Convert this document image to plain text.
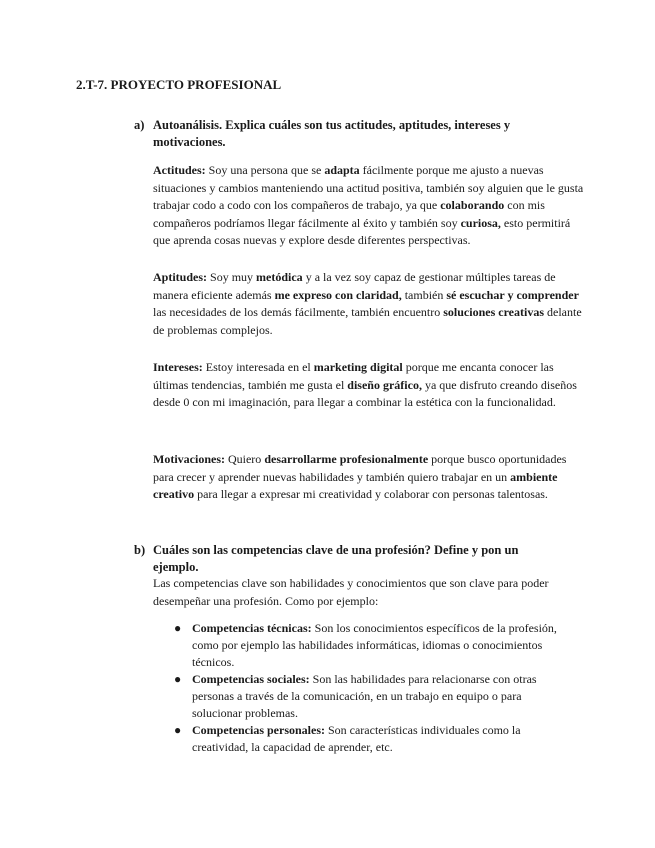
2.T-7. PROYECTO PROFESIONAL
a) Autoanálisis. Explica cuáles son tus actitudes, aptitudes, intereses y motivaciones.

Actitudes: Soy una persona que se adapta fácilmente porque me ajusto a nuevas situaciones y cambios manteniendo una actitud positiva, también soy alguien que le gusta trabajar codo a codo con los compañeros de trabajo, ya que colaborando con mis compañeros podríamos llegar fácilmente al éxito y también soy curiosa, esto permitirá que aprenda cosas nuevas y explore desde diferentes perspectivas.

Aptitudes: Soy muy metódica y a la vez soy capaz de gestionar múltiples tareas de manera eficiente además me expreso con claridad, también sé escuchar y comprender las necesidades de los demás fácilmente, también encuentro soluciones creativas delante de problemas complejos.

Intereses: Estoy interesada en el marketing digital porque me encanta conocer las últimas tendencias, también me gusta el diseño gráfico, ya que disfruto creando diseños desde 0 con mi imaginación, para llegar a combinar la estética con la funcionalidad.

Motivaciones: Quiero desarrollarme profesionalmente porque busco oportunidades para crecer y aprender nuevas habilidades y también quiero trabajar en un ambiente creativo para llegar a expresar mi creatividad y colaborar con personas talentosas.

b) Cuáles son las competencias clave de una profesión? Define y pon un ejemplo.

Las competencias clave son habilidades y conocimientos que son clave para poder desempeñar una profesión. Como por ejemplo:

● Competencias técnicas: Son los conocimientos específicos de la profesión, como por ejemplo las habilidades informáticas, idiomas o conocimientos técnicos.
● Competencias sociales: Son las habilidades para relacionarse con otras personas a través de la comunicación, en un trabajo en equipo o para solucionar problemas.
● Competencias personales: Son características individuales como la creatividad, la capacidad de aprender, etc.
